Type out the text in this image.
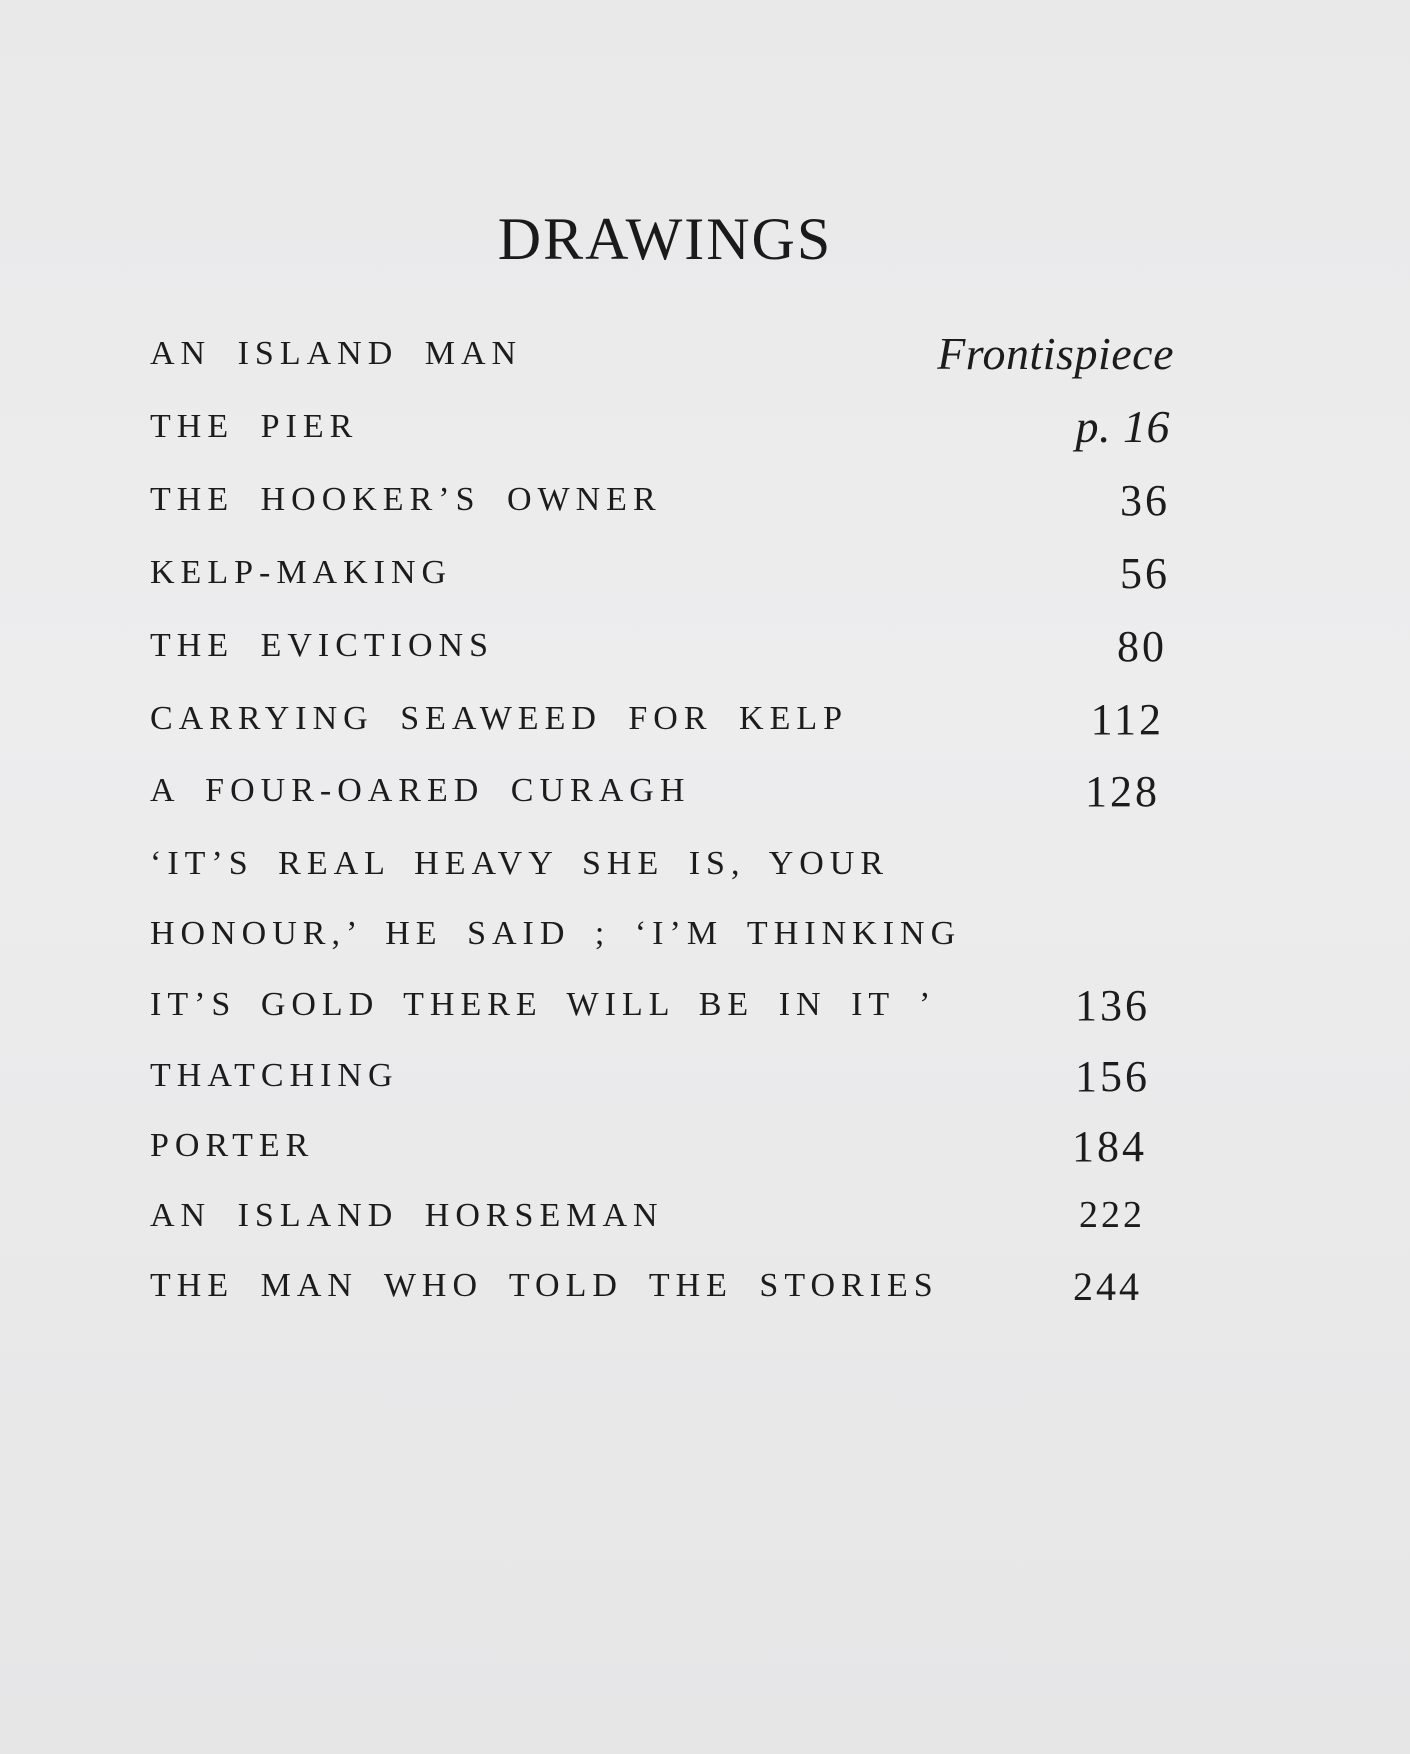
DRAWINGS
AN ISLAND MAN	Frontispiece
THE PIER	p. 16
THE HOOKER’S OWNER	36
KELP-MAKING	56
THE EVICTIONS	80
CARRYING SEAWEED FOR KELP	112
A FOUR-OARED CURAGH	128
‘IT’S REAL HEAVY SHE IS, YOUR
HONOUR,’ HE SAID ; ‘I’M THINKING
IT’S GOLD THERE WILL BE IN IT ’	136
THATCHING	156
PORTER	184
AN ISLAND HORSEMAN	222
THE MAN WHO TOLD THE STORIES	244
